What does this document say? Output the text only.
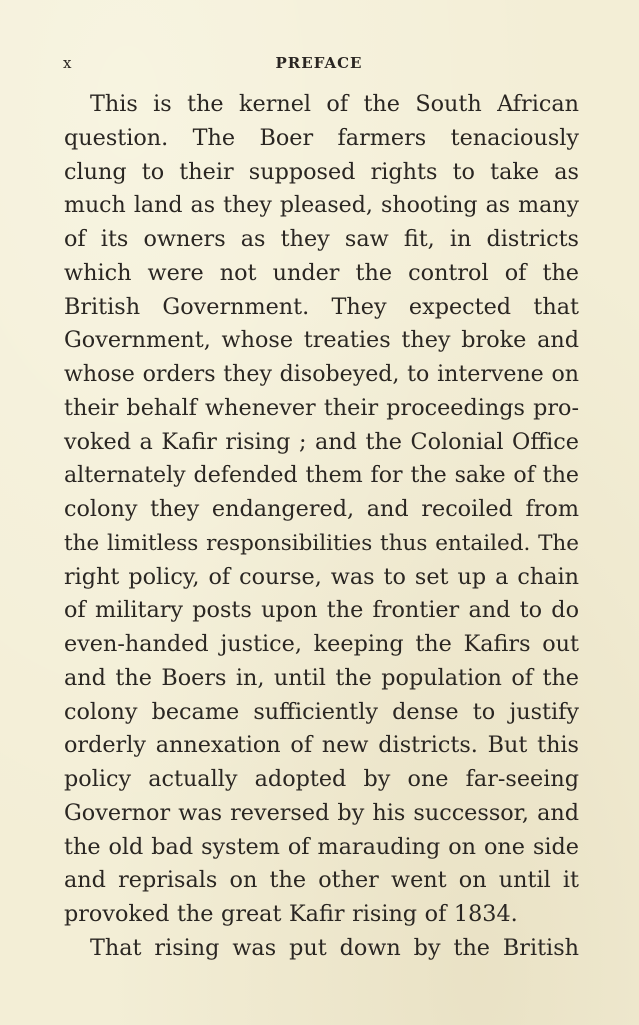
x	PREFACE
This is the kernel of the South African
question. The Boer farmers tenaciously
clung to their supposed rights to take as
much land as they pleased, shooting as many
of its owners as they saw fit, in districts
which were not under the control of the
British Government. They expected that
Government, whose treaties they broke and
whose orders they disobeyed, to intervene on
their behalf whenever their proceedings pro-
voked a Kafir rising ; and the Colonial Office
alternately defended them for the sake of the
colony they endangered, and recoiled from
the limitless responsibilities thus entailed. The
right policy, of course, was to set up a chain
of military posts upon the frontier and to do
even-handed justice, keeping the Kafirs out
and the Boers in, until the population of the
colony became sufficiently dense to justify
orderly annexation of new districts. But this
policy actually adopted by one far-seeing
Governor was reversed by his successor, and
the old bad system of marauding on one side
and reprisals on the other went on until it
provoked the great Kafir rising of 1834.
That rising was put down by the British
